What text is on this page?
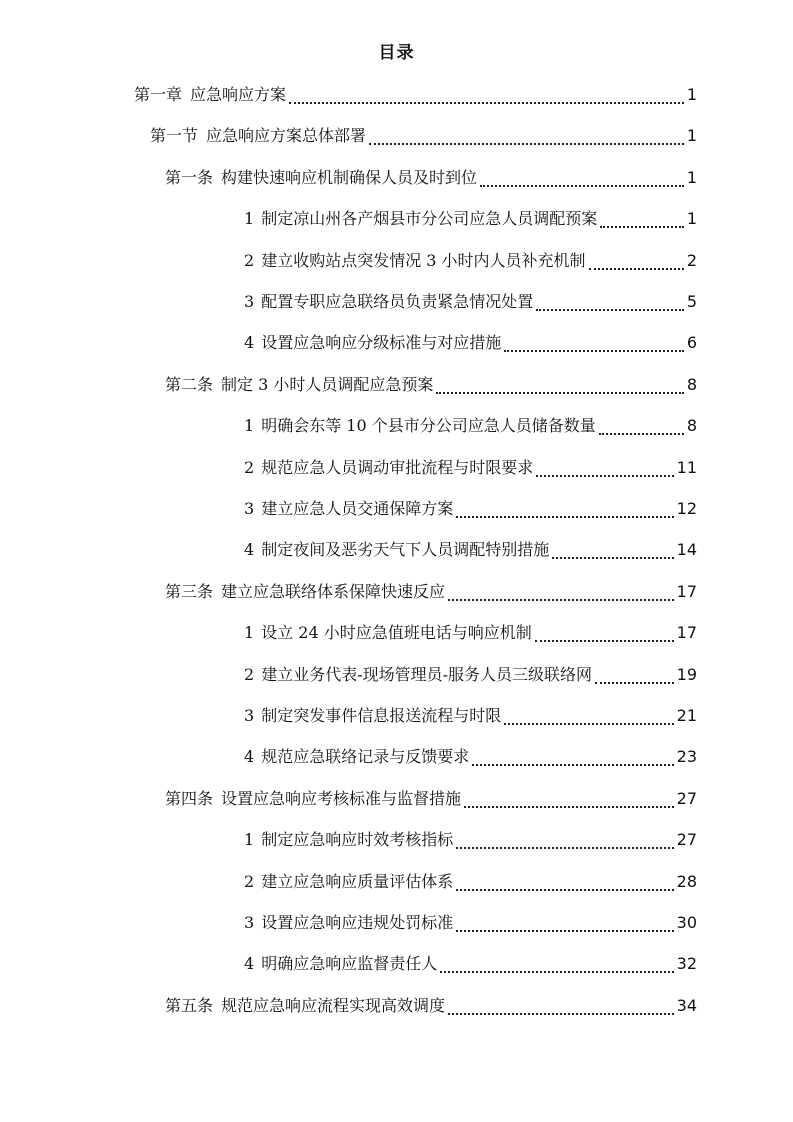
目录
第一章 应急响应方案	1
第一节 应急响应方案总体部署	1
第一条 构建快速响应机制确保人员及时到位	1
1 制定凉山州各产烟县市分公司应急人员调配预案	1
2 建立收购站点突发情况 3 小时内人员补充机制	2
3 配置专职应急联络员负责紧急情况处置	5
4 设置应急响应分级标准与对应措施	6
第二条 制定 3 小时人员调配应急预案	8
1 明确会东等 10 个县市分公司应急人员储备数量	8
2 规范应急人员调动审批流程与时限要求	11
3 建立应急人员交通保障方案	12
4 制定夜间及恶劣天气下人员调配特别措施	14
第三条 建立应急联络体系保障快速反应	17
1 设立 24 小时应急值班电话与响应机制	17
2 建立业务代表-现场管理员-服务人员三级联络网	19
3 制定突发事件信息报送流程与时限	21
4 规范应急联络记录与反馈要求	23
第四条 设置应急响应考核标准与监督措施	27
1 制定应急响应时效考核指标	27
2 建立应急响应质量评估体系	28
3 设置应急响应违规处罚标准	30
4 明确应急响应监督责任人	32
第五条 规范应急响应流程实现高效调度	34
